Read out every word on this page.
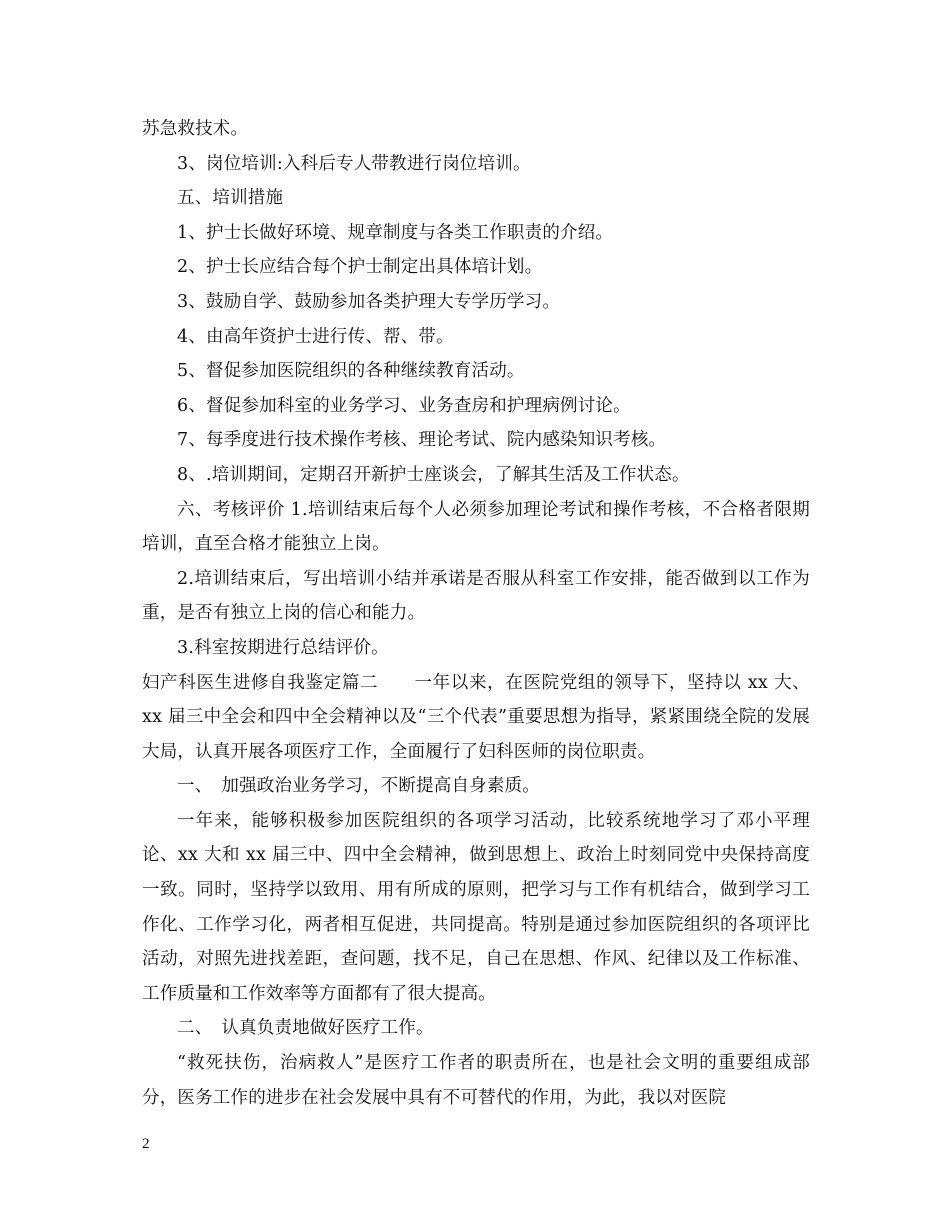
苏急救技术。

3、岗位培训:入科后专人带教进行岗位培训。

五、培训措施

1、护士长做好环境、规章制度与各类工作职责的介绍。

2、护士长应结合每个护士制定出具体培计划。

3、鼓励自学、鼓励参加各类护理大专学历学习。

4、由高年资护士进行传、帮、带。

5、督促参加医院组织的各种继续教育活动。

6、督促参加科室的业务学习、业务查房和护理病例讨论。

7、每季度进行技术操作考核、理论考试、院内感染知识考核。

8、.培训期间，定期召开新护士座谈会，了解其生活及工作状态。

六、考核评价 1.培训结束后每个人必须参加理论考试和操作考核，不合格者限期培训，直至合格才能独立上岗。

2.培训结束后，写出培训小结并承诺是否服从科室工作安排，能否做到以工作为重，是否有独立上岗的信心和能力。

3.科室按期进行总结评价。

妇产科医生进修自我鉴定篇二　　一年以来，在医院党组的领导下，坚持以 xx 大、xx 届三中全会和四中全会精神以及“三个代表”重要思想为指导，紧紧围绕全院的发展大局，认真开展各项医疗工作，全面履行了妇科医师的岗位职责。

一、　加强政治业务学习，不断提高自身素质。

一年来，能够积极参加医院组织的各项学习活动，比较系统地学习了邓小平理论、xx 大和 xx 届三中、四中全会精神，做到思想上、政治上时刻同党中央保持高度一致。同时，坚持学以致用、用有所成的原则，把学习与工作有机结合，做到学习工作化、工作学习化，两者相互促进，共同提高。特别是通过参加医院组织的各项评比活动，对照先进找差距，查问题，找不足，自己在思想、作风、纪律以及工作标准、工作质量和工作效率等方面都有了很大提高。

二、　认真负责地做好医疗工作。

“救死扶伤，治病救人”是医疗工作者的职责所在，也是社会文明的重要组成部分，医务工作的进步在社会发展中具有不可替代的作用，为此，我以对医院

2
